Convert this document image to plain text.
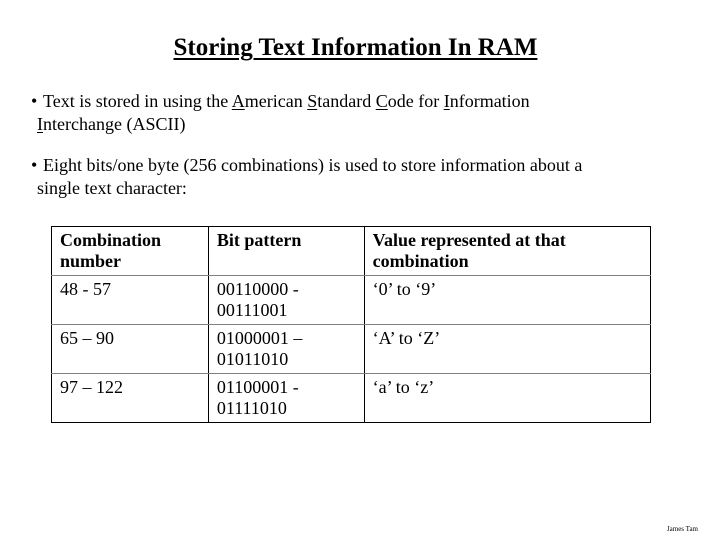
Storing Text Information In RAM
• Text is stored in using the American Standard Code for Information
Interchange (ASCII)
• Eight bits/one byte (256 combinations) is used to store information about a
single text character:
Combination number	Bit pattern	Value represented at that combination
48 - 57	00110000 - 00111001	‘0’ to ‘9’
65 – 90	01000001 – 01011010	‘A’ to ‘Z’
97 – 122	01100001 - 01111010	‘a’ to ‘z’
James Tam
